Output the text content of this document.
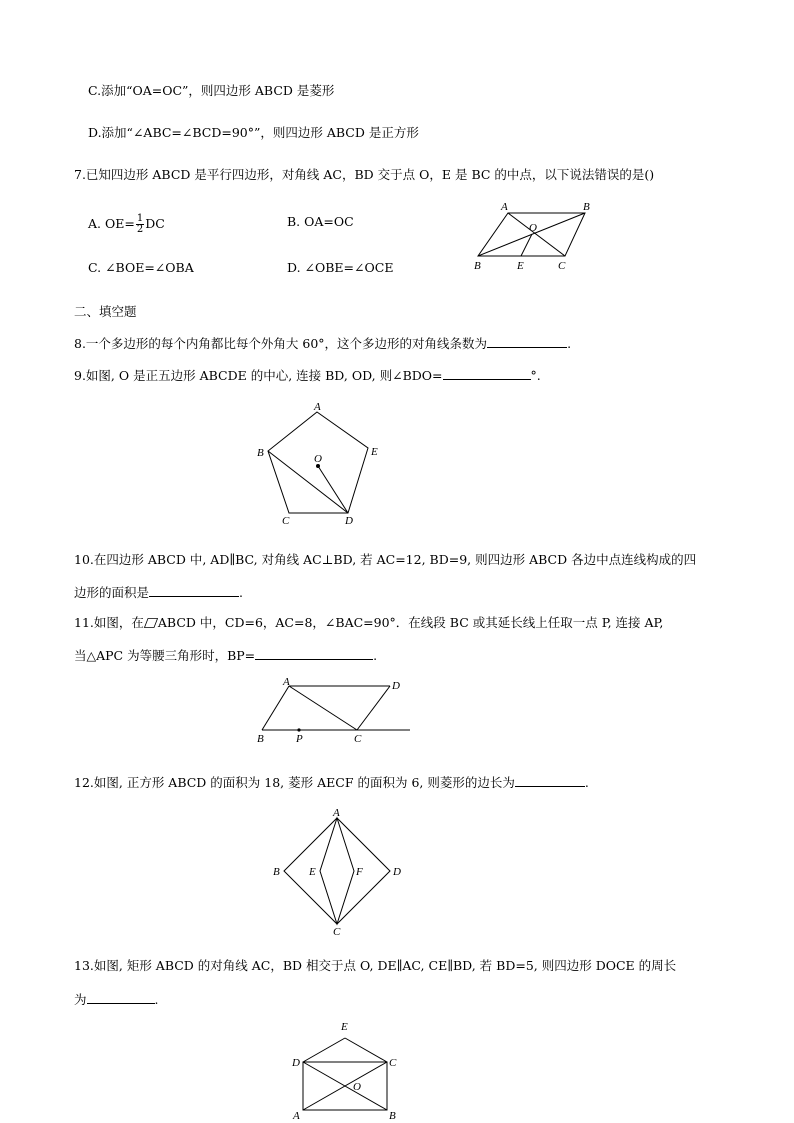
C.添加“OA=OC”，则四边形 ABCD 是菱形
D.添加“∠ABC=∠BCD=90°”，则四边形 ABCD 是正方形
7.已知四边形 ABCD 是平行四边形，对角线 AC，BD 交于点 O，E 是 BC 的中点，以下说法错误的是()
A. $OE= \frac{1}{2}$ DC	B. OA=OC
C. ∠BOE=∠OBA	D. ∠OBE=∠OCE
A	B
O
B	E	C
二、填空题
8.一个多边形的每个内角都比每个外角大 60°，这个多边形的对角线条数为	.
9.如图, O 是正五边形 ABCDE 的中心, 连接 BD, OD, 则∠BDO=	°.
A
B	E
O
C	D
10.在四边形 ABCD 中, AD∥BC, 对角线 AC⊥BD, 若 AC=12, BD=9, 则四边形 ABCD 各边中点连线构成的四
边形的面积是	.
11.如图，在 ABCD 中，CD=6，AC=8，∠BAC=90°．在线段 BC 或其延长线上任取一点 P, 连接 AP,
当△APC 为等腰三角形时，BP=	.
A	D
B	P	C
12.如图, 正方形 ABCD 的面积为 18, 菱形 AECF 的面积为 6, 则菱形的边长为	.
A
B	D
E	F
C
13.如图, 矩形 ABCD 的对角线 AC，BD 相交于点 O, DE∥AC, CE∥BD, 若 BD=5, 则四边形 DOCE 的周长
为	.
E
D	C
O
A	B
